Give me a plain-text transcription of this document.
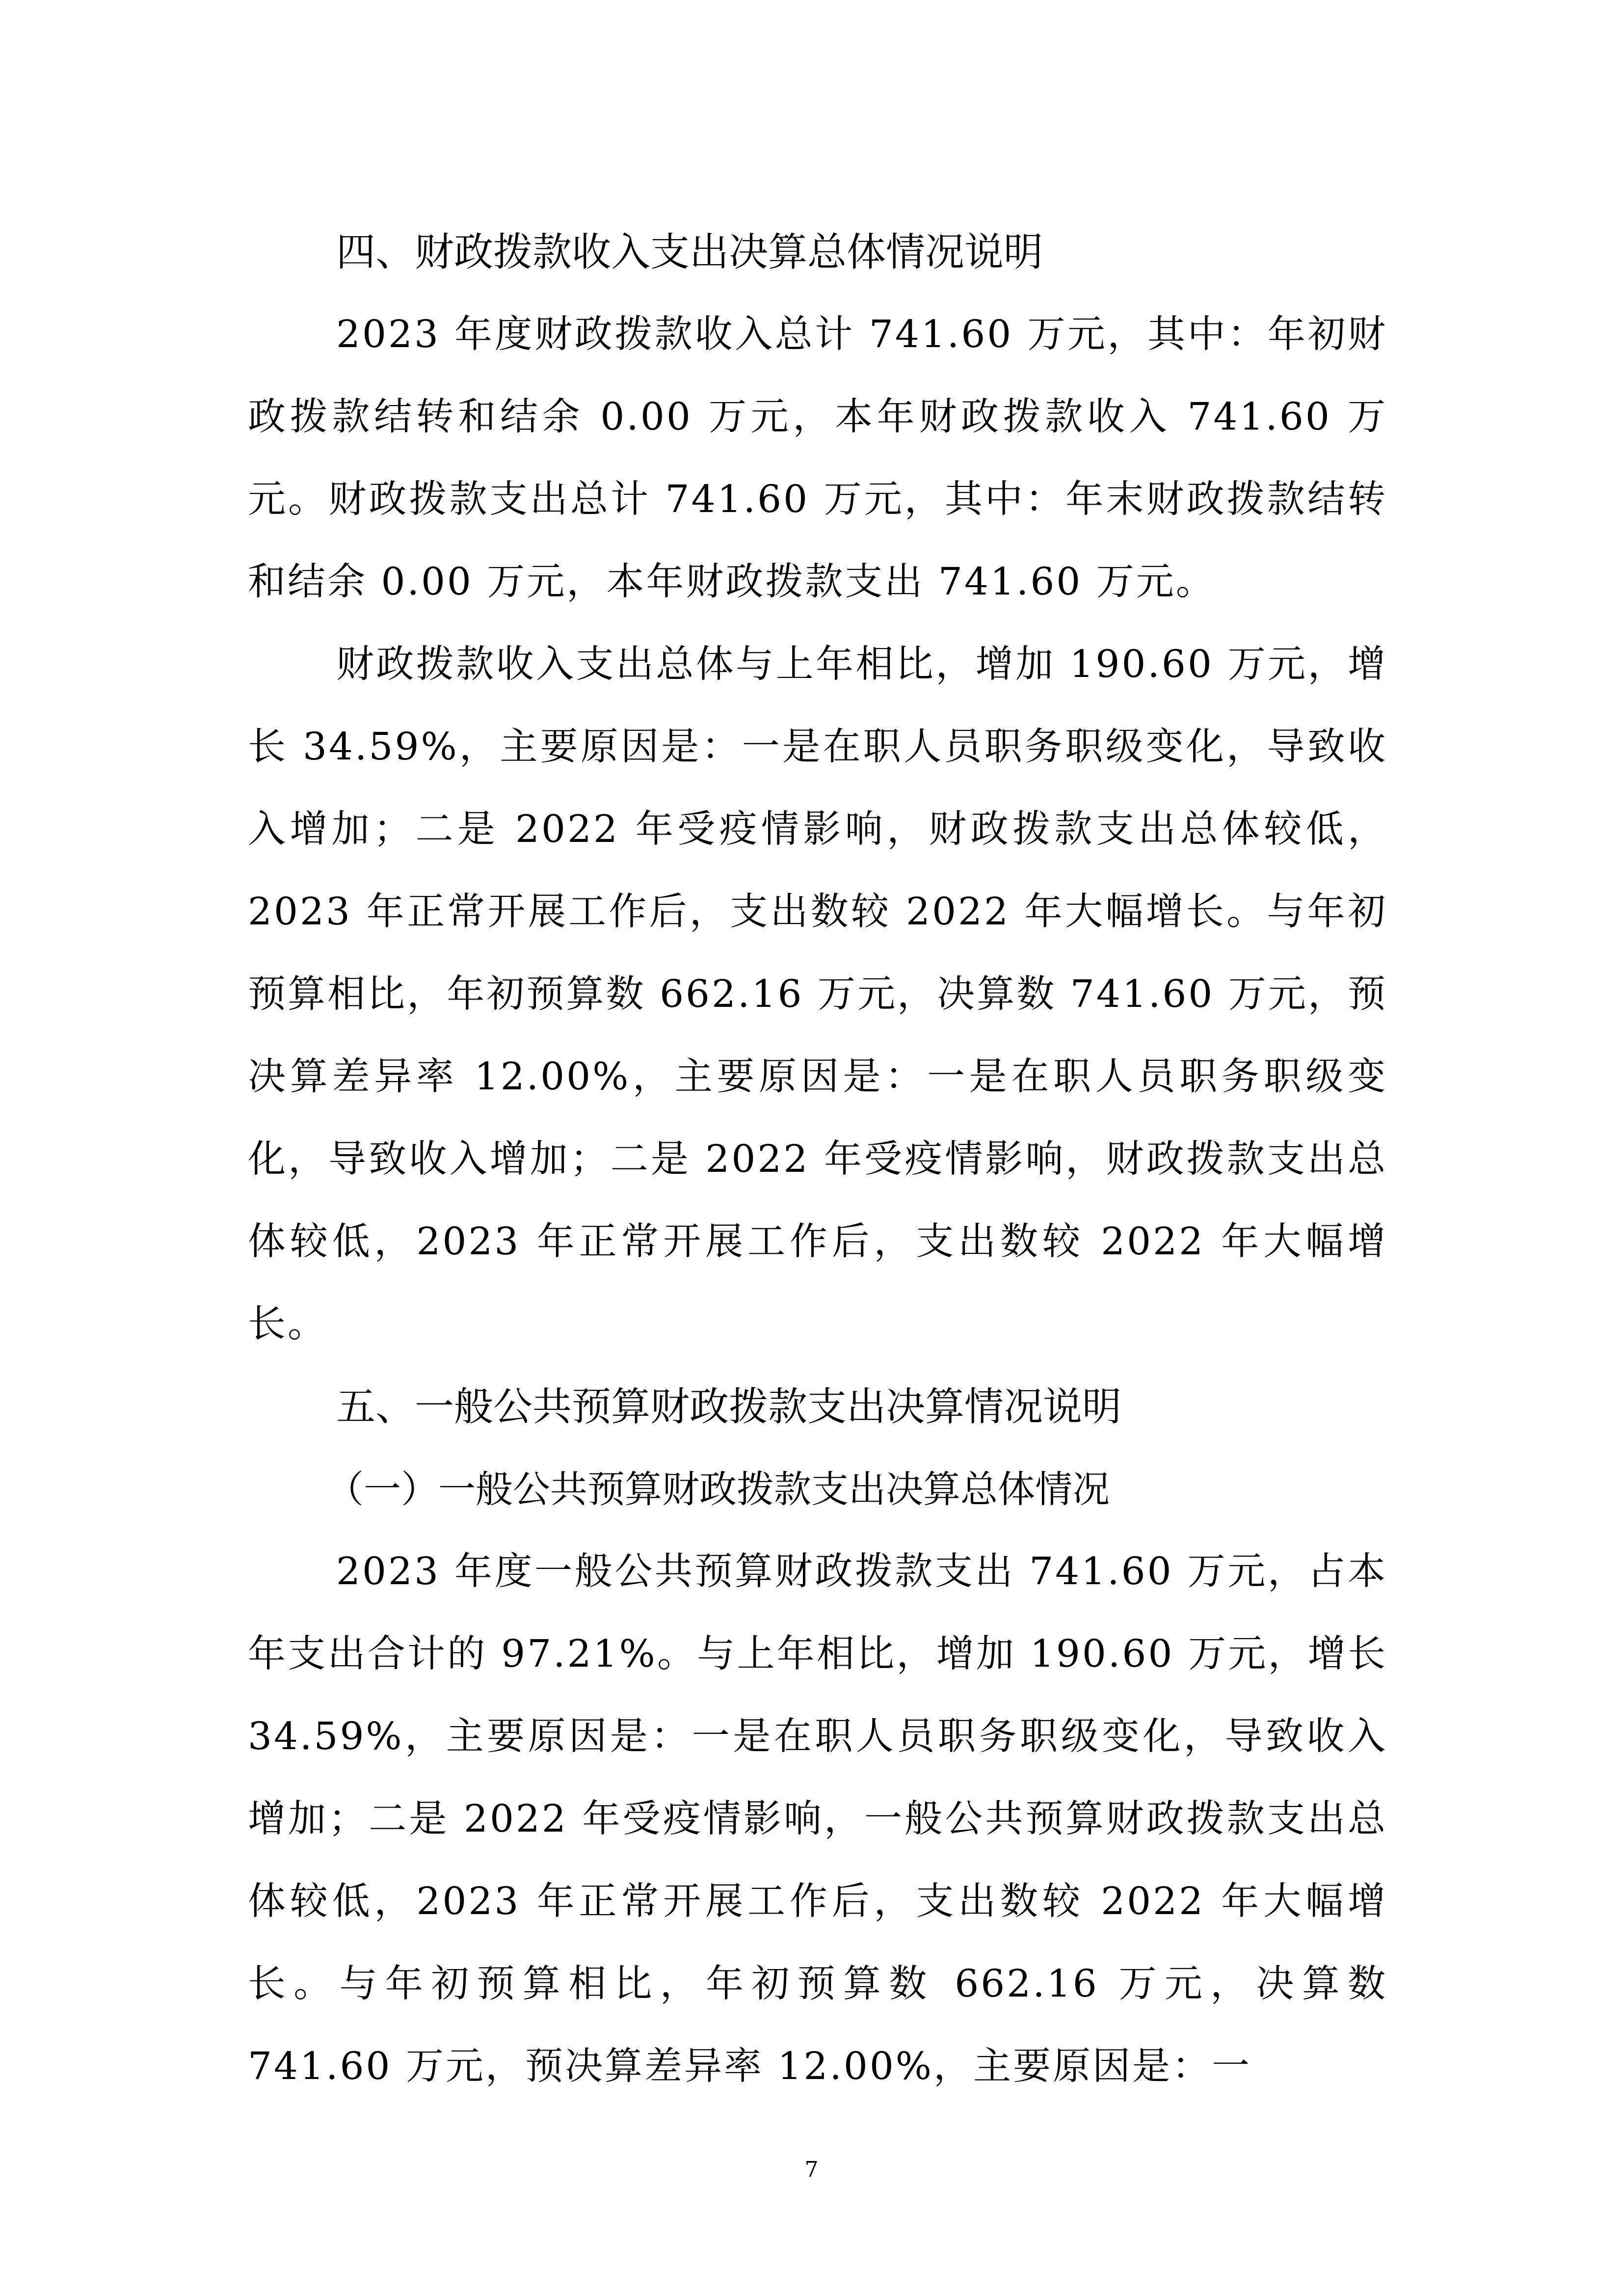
四、财政拨款收入支出决算总体情况说明

2023 年度财政拨款收入总计 741.60 万元，其中：年初财政拨款结转和结余 0.00 万元，本年财政拨款收入 741.60 万元。财政拨款支出总计 741.60 万元，其中：年末财政拨款结转和结余 0.00 万元，本年财政拨款支出 741.60 万元。

财政拨款收入支出总体与上年相比，增加 190.60 万元，增长 34.59%，主要原因是：一是在职人员职务职级变化，导致收入增加；二是 2022 年受疫情影响，财政拨款支出总体较低，2023 年正常开展工作后，支出数较 2022 年大幅增长。与年初预算相比，年初预算数 662.16 万元，决算数 741.60 万元，预决算差异率 12.00%，主要原因是：一是在职人员职务职级变化，导致收入增加；二是 2022 年受疫情影响，财政拨款支出总体较低，2023 年正常开展工作后，支出数较 2022 年大幅增长。

五、一般公共预算财政拨款支出决算情况说明
（一）一般公共预算财政拨款支出决算总体情况

2023 年度一般公共预算财政拨款支出 741.60 万元，占本年支出合计的 97.21%。与上年相比，增加 190.60 万元，增长 34.59%，主要原因是：一是在职人员职务职级变化，导致收入增加；二是 2022 年受疫情影响，一般公共预算财政拨款支出总体较低，2023 年正常开展工作后，支出数较 2022 年大幅增长。与年初预算相比，年初预算数 662.16 万元，决算数 741.60 万元，预决算差异率 12.00%，主要原因是：一

7
